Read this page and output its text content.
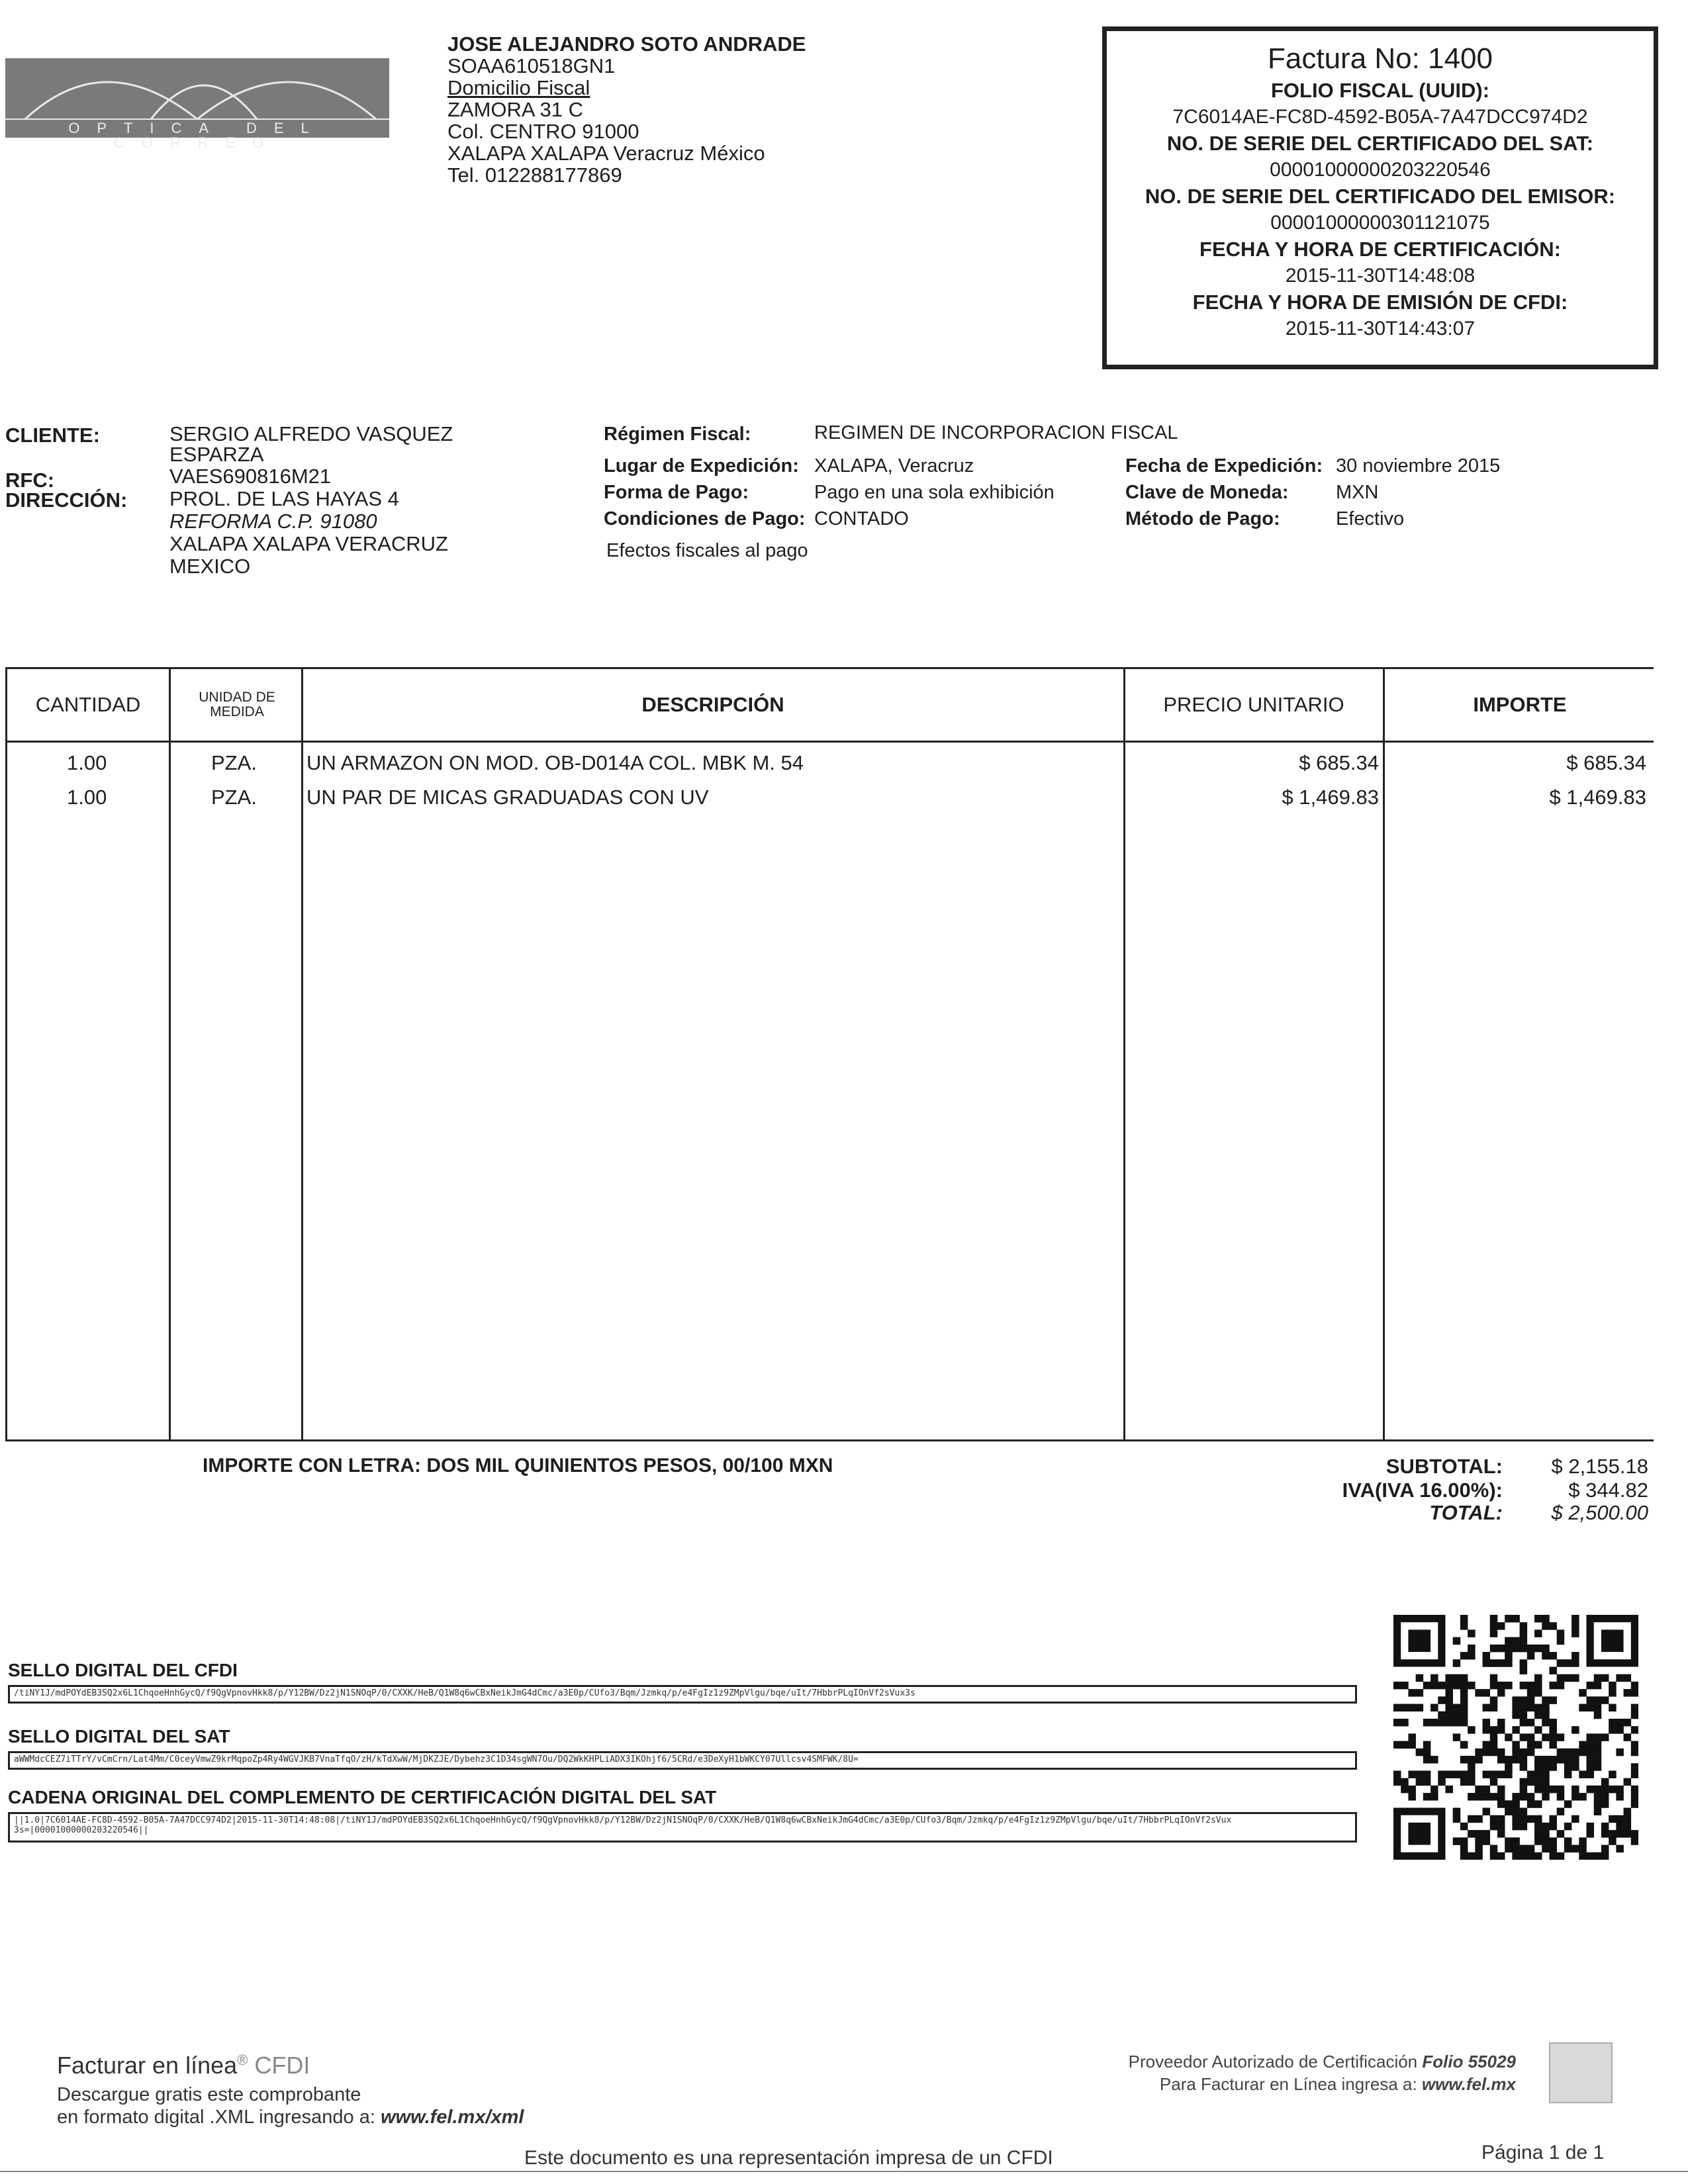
OPTICA DEL CORREO
JOSE ALEJANDRO SOTO ANDRADE
SOAA610518GN1
Domicilio Fiscal
ZAMORA 31 C
Col. CENTRO 91000
XALAPA XALAPA Veracruz México
Tel. 012288177869
Factura No: 1400
FOLIO FISCAL (UUID):
7C6014AE-FC8D-4592-B05A-7A47DCC974D2
NO. DE SERIE DEL CERTIFICADO DEL SAT:
00001000000203220546
NO. DE SERIE DEL CERTIFICADO DEL EMISOR:
00001000000301121075
FECHA Y HORA DE CERTIFICACIÓN:
2015-11-30T14:48:08
FECHA Y HORA DE EMISIÓN DE CFDI:
2015-11-30T14:43:07
CLIENTE:	SERGIO ALFREDO VASQUEZ
ESPARZA
RFC:	VAES690816M21
DIRECCIÓN: PROL. DE LAS HAYAS 4
REFORMA C.P. 91080
XALAPA XALAPA VERACRUZ
MEXICO
Régimen Fiscal:	REGIMEN DE INCORPORACION FISCAL
Lugar de Expedición: XALAPA, Veracruz
Forma de Pago:	Pago en una sola exhibición
Condiciones de Pago: CONTADO
Efectos fiscales al pago
Fecha de Expedición: 30 noviembre 2015
Clave de Moneda: MXN
Método de Pago:	Efectivo
CANTIDAD	UNIDAD DE MEDIDA	DESCRIPCIÓN	PRECIO UNITARIO	IMPORTE
1.00	PZA. UN ARMAZON ON MOD. OB-D014A COL. MBK M. 54	$ 685.34	$ 685.34
1.00	PZA. UN PAR DE MICAS GRADUADAS CON UV	$ 1,469.83	$ 1,469.83
IMPORTE CON LETRA: DOS MIL QUINIENTOS PESOS, 00/100 MXN	SUBTOTAL:	$ 2,155.18
IVA(IVA 16.00%):	$ 344.82
TOTAL:	$ 2,500.00
SELLO DIGITAL DEL CFDI
/tiNY1J/mdPOYdEB3SQ2x6L1ChqoeHnhGycQ/f9QgVpnovHkk8/p/Y12BW/Dz2jN1SNOqP/0/CXXK/HeB/Q1W8q6wCBxNeikJmG4dCmc/a3E0p/CUfo3/Bqm/Jzmkq/p/e4FgIz1z9ZMpVlgu/bqe/uIt/7HbbrPLqIOnVf2sVux3s
SELLO DIGITAL DEL SAT
aWWMdcCEZ7iTTrY/vCmCrn/Lat4Mm/C0ceyVmwZ9krMqpoZp4Ry4WGVJKB7VnaTfqO/zH/kTdXwW/MjDKZJE/Dybehz3C1D34sgWN7Ou/DQ2WkKHPLiADX3IKOhjf6/5CRd/e3DeXyH1bWKCY07Ullcsv4SMFWK/8U=
CADENA ORIGINAL DEL COMPLEMENTO DE CERTIFICACIÓN DIGITAL DEL SAT
||1.0|7C6014AE-FC8D-4592-B05A-7A47DCC974D2|2015-11-30T14:48:08|/tiNY1J/mdPOYdEB3SQ2x6L1ChqoeHnhGycQ/f9QgVpnovHkk8/p/Y12BW/Dz2jN1SNOqP/0/CXXK/HeB/Q1W8q6wCBxNeikJmG4dCmc/a3E0p/CUfo3/Bqm/Jzmkq/p/e4FgIz1z9ZMpVlgu/bqe/uIt/7HbbrPLqIOnVf2sVux
3s=|00001000000203220546||
Facturar en línea® CFDI
Descargue gratis este comprobante
en formato digital .XML ingresando a: www.fel.mx/xml
Proveedor Autorizado de Certificación Folio 55029
Para Facturar en Línea ingresa a: www.fel.mx
Este documento es una representación impresa de un CFDI	Página 1 de 1
